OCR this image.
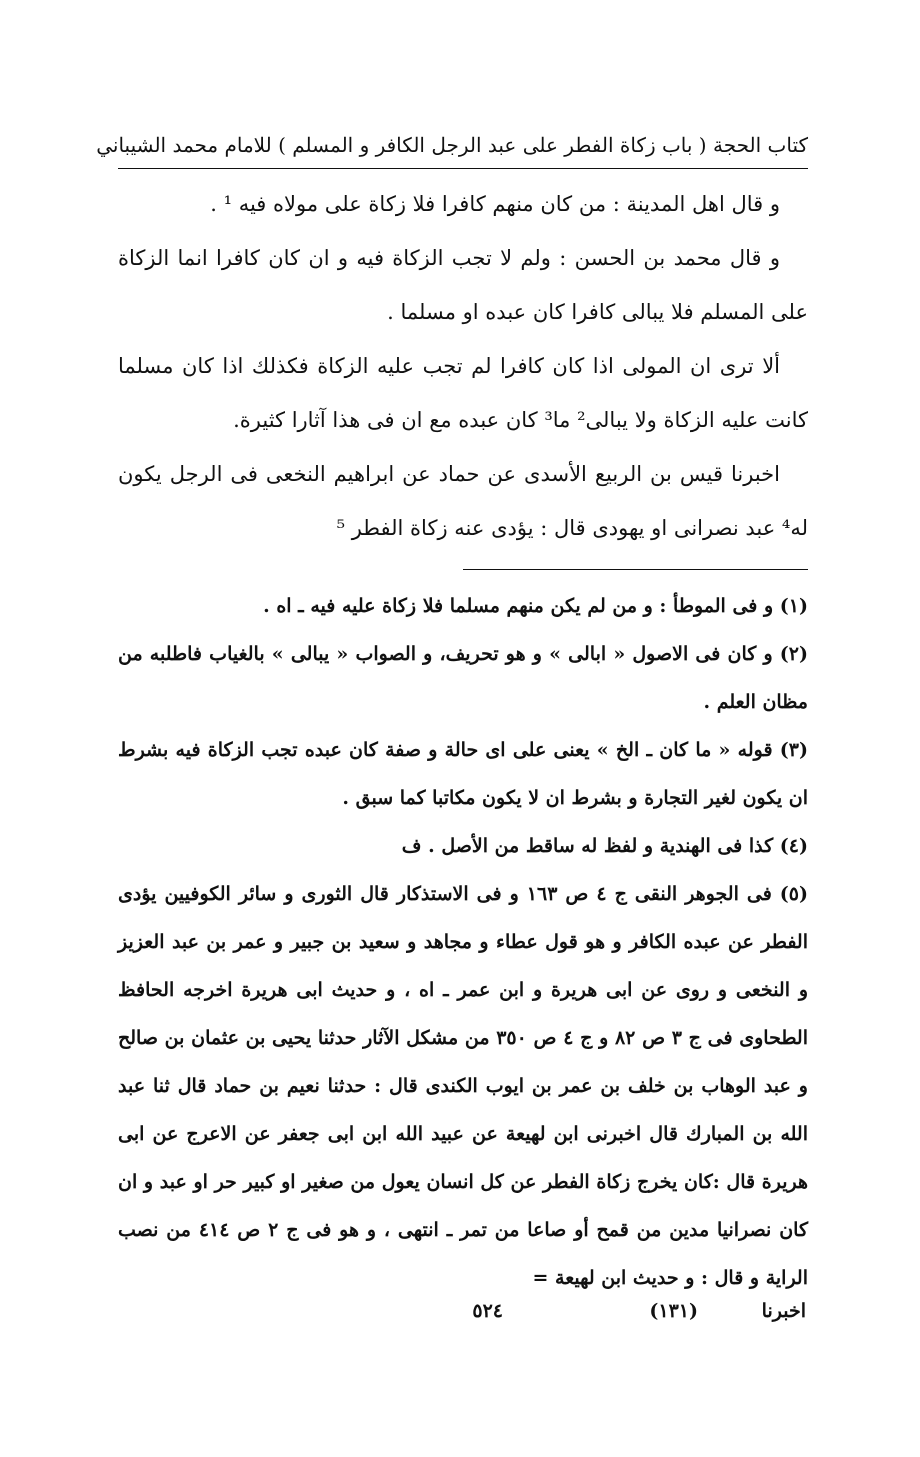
كتاب الحجة ( باب زكاة الفطر على عبد الرجل الكافر و المسلم ) للامام محمد الشيباني

و قال اهل المدينة : من كان منهم كافرا فلا زكاة على مولاه فيه ¹ .

و قال محمد بن الحسن : ولم لا تجب الزكاة فيه و ان كان كافرا انما الزكاة على المسلم فلا يبالى كافرا كان عبده او مسلما .

ألا ترى ان المولى اذا كان كافرا لم تجب عليه الزكاة فكذلك اذا كان مسلما كانت عليه الزكاة ولا يبالى² ما³ كان عبده مع ان فى هذا آثارا كثيرة.

اخبرنا قيس بن الربيع الأسدى عن حماد عن ابراهيم النخعى فى الرجل يكون له⁴ عبد نصرانى او يهودى قال : يؤدى عنه زكاة الفطر ⁵

(١) و فى الموطأ : و من لم يكن منهم مسلما فلا زكاة عليه فيه ـ اه .

(٢) و كان فى الاصول « ابالى » و هو تحريف، و الصواب « يبالى » بالغياب فاطلبه من مظان العلم .

(٣) قوله « ما كان ـ الخ » يعنى على اى حالة و صفة كان عبده تجب الزكاة فيه بشرط ان يكون لغير التجارة و بشرط ان لا يكون مكاتبا كما سبق .

(٤) كذا فى الهندية و لفظ له ساقط من الأصل . ف

(٥) فى الجوهر النقى ج ٤ ص ١٦٣ و فى الاستذكار قال الثورى و سائر الكوفيين يؤدى الفطر عن عبده الكافر و هو قول عطاء و مجاهد و سعيد بن جبير و عمر بن عبد العزيز و النخعى و روى عن ابى هريرة و ابن عمر ـ اه ، و حديث ابى هريرة اخرجه الحافظ الطحاوى فى ج ٣ ص ٨٢ و ج ٤ ص ٣٥٠ من مشكل الآثار حدثنا يحيى بن عثمان بن صالح و عبد الوهاب بن خلف بن عمر بن ايوب الكندى قال : حدثنا نعيم بن حماد قال ثنا عبد الله بن المبارك قال اخبرنى ابن لهيعة عن عبيد الله ابن ابى جعفر عن الاعرج عن ابى هريرة قال :كان يخرج زكاة الفطر عن كل انسان يعول من صغير او كبير حر او عبد و ان كان نصرانيا مدين من قمح أو صاعا من تمر ـ انتهى ، و هو فى ج ٢ ص ٤١٤ من نصب الراية و قال : و حديث ابن لهيعة =

اخبرنا
(١٣١)
٥٢٤
